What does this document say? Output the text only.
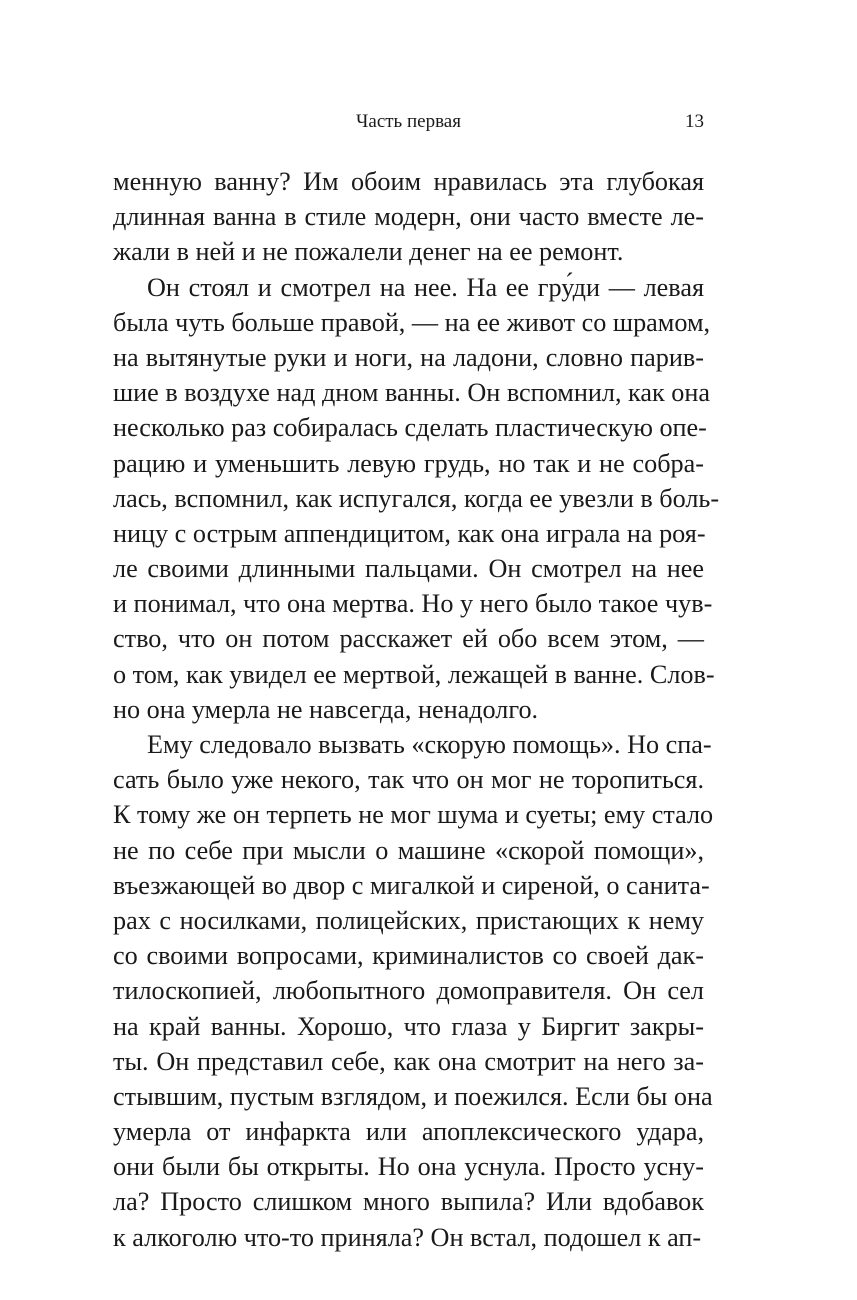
Часть первая	13
менную ванну? Им обоим нравилась эта глубокая
длинная ванна в стиле модерн, они часто вместе ле-
жали в ней и не пожалели денег на ее ремонт.
Он стоял и смотрел на нее. На ее гру́ди — левая
была чуть больше правой, — на ее живот со шрамом,
на вытянутые руки и ноги, на ладони, словно парив-
шие в воздухе над дном ванны. Он вспомнил, как она
несколько раз собиралась сделать пластическую опе-
рацию и уменьшить левую грудь, но так и не собра-
лась, вспомнил, как испугался, когда ее увезли в боль-
ницу с острым аппендицитом, как она играла на роя-
ле своими длинными пальцами. Он смотрел на нее
и понимал, что она мертва. Но у него было такое чув-
ство, что он потом расскажет ей обо всем этом, —
о том, как увидел ее мертвой, лежащей в ванне. Слов-
но она умерла не навсегда, ненадолго.
Ему следовало вызвать «скорую помощь». Но спа-
сать было уже некого, так что он мог не торопиться.
К тому же он терпеть не мог шума и суеты; ему стало
не по себе при мысли о машине «скорой помощи»,
въезжающей во двор с мигалкой и сиреной, о санита-
рах с носилками, полицейских, пристающих к нему
со своими вопросами, криминалистов со своей дак-
тилоскопией, любопытного домоправителя. Он сел
на край ванны. Хорошо, что глаза у Биргит закры-
ты. Он представил себе, как она смотрит на него за-
стывшим, пустым взглядом, и поежился. Если бы она
умерла от инфаркта или апоплексического удара,
они были бы открыты. Но она уснула. Просто усну-
ла? Просто слишком много выпила? Или вдобавок
к алкоголю что-то приняла? Он встал, подошел к ап-
